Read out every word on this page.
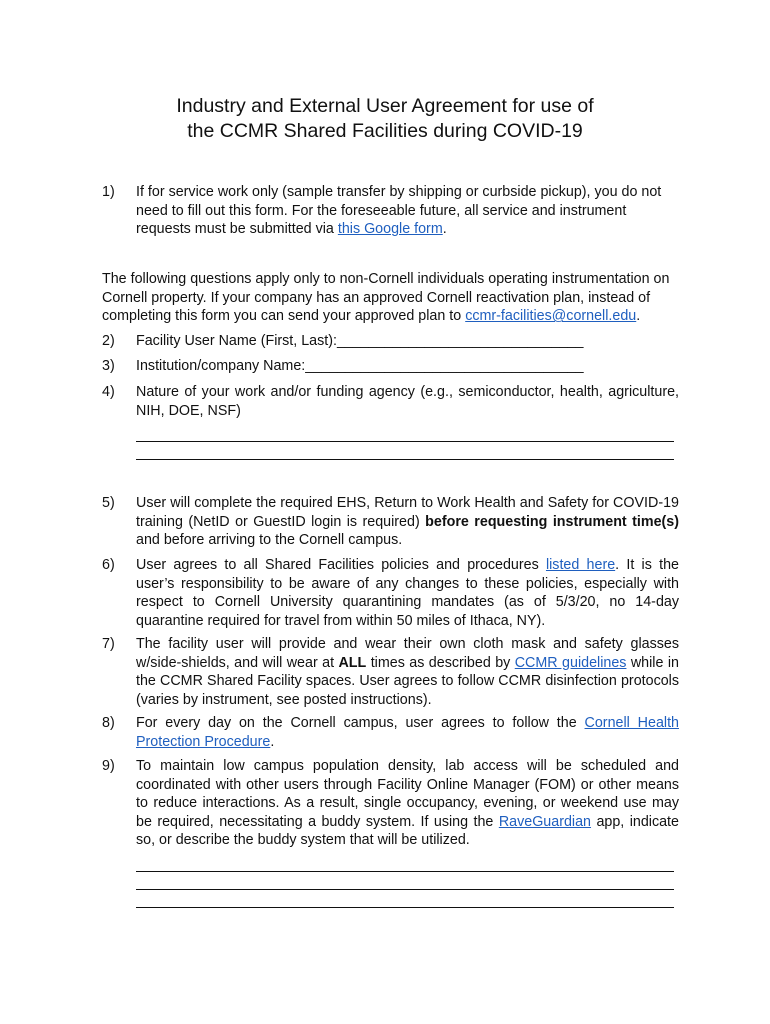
Industry and External User Agreement for use of
the CCMR Shared Facilities during COVID-19
1) If for service work only (sample transfer by shipping or curbside pickup), you do not need to fill out this form. For the foreseeable future, all service and instrument requests must be submitted via this Google form.
The following questions apply only to non-Cornell individuals operating instrumentation on Cornell property. If your company has an approved Cornell reactivation plan, instead of completing this form you can send your approved plan to ccmr-facilities@cornell.edu.
2) Facility User Name (First, Last):_______________________________
3) Institution/company Name:___________________________________
4) Nature of your work and/or funding agency (e.g., semiconductor, health, agriculture, NIH, DOE, NSF)
5) User will complete the required EHS, Return to Work Health and Safety for COVID-19 training (NetID or GuestID login is required) before requesting instrument time(s) and before arriving to the Cornell campus.
6) User agrees to all Shared Facilities policies and procedures listed here. It is the user’s responsibility to be aware of any changes to these policies, especially with respect to Cornell University quarantining mandates (as of 5/3/20, no 14-day quarantine required for travel from within 50 miles of Ithaca, NY).
7) The facility user will provide and wear their own cloth mask and safety glasses w/side-shields, and will wear at ALL times as described by CCMR guidelines while in the CCMR Shared Facility spaces. User agrees to follow CCMR disinfection protocols (varies by instrument, see posted instructions).
8) For every day on the Cornell campus, user agrees to follow the Cornell Health Protection Procedure.
9) To maintain low campus population density, lab access will be scheduled and coordinated with other users through Facility Online Manager (FOM) or other means to reduce interactions. As a result, single occupancy, evening, or weekend use may be required, necessitating a buddy system. If using the RaveGuardian app, indicate so, or describe the buddy system that will be utilized.
